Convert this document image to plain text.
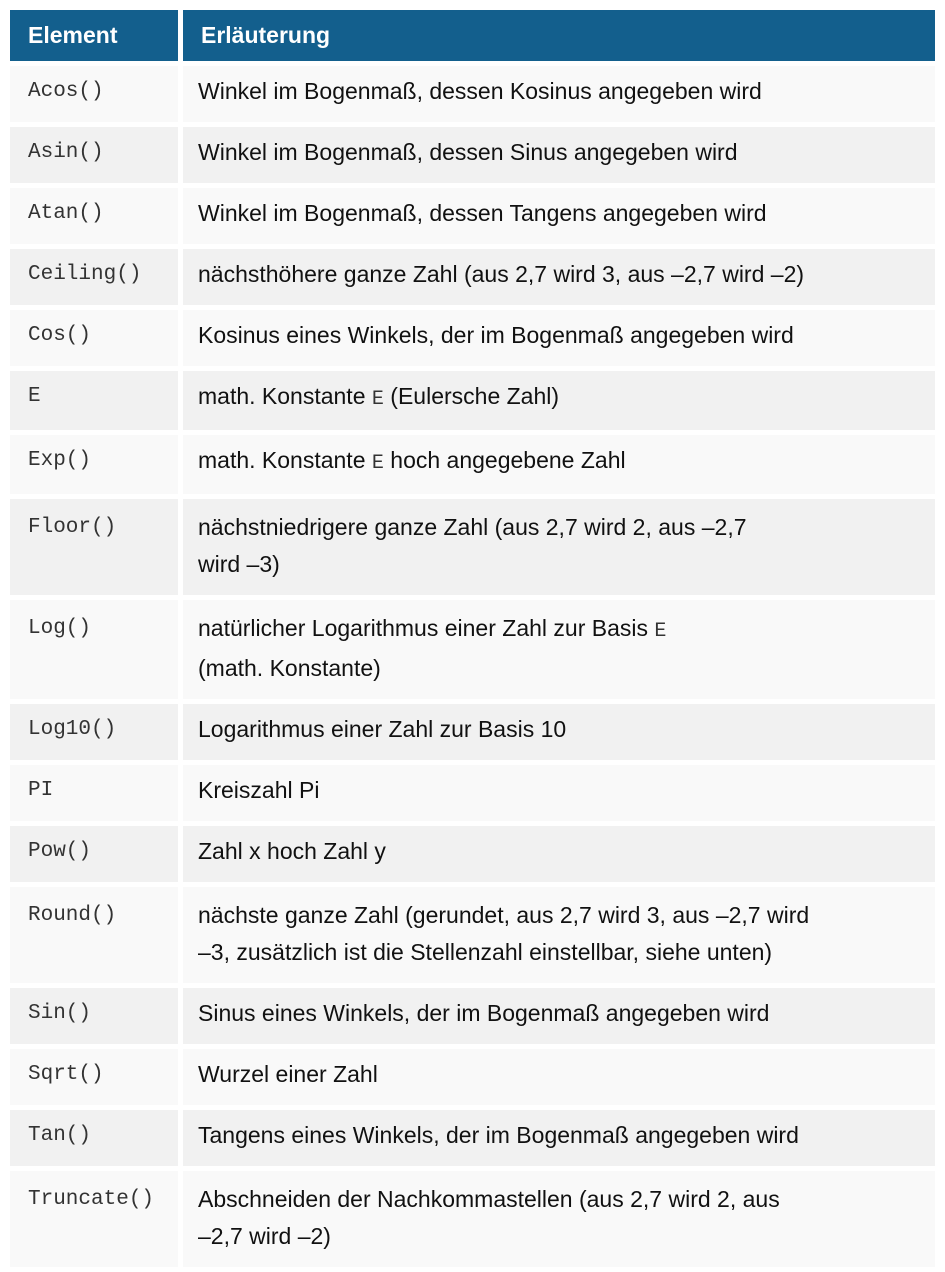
Element	Erläuterung
Acos()	Winkel im Bogenmaß, dessen Kosinus angegeben wird
Asin()	Winkel im Bogenmaß, dessen Sinus angegeben wird
Atan()	Winkel im Bogenmaß, dessen Tangens angegeben wird
Ceiling()	nächsthöhere ganze Zahl (aus 2,7 wird 3, aus –2,7 wird –2)
Cos()	Kosinus eines Winkels, der im Bogenmaß angegeben wird
E	math. Konstante E (Eulersche Zahl)
Exp()	math. Konstante E hoch angegebene Zahl
Floor()	nächstniedrigere ganze Zahl (aus 2,7 wird 2, aus –2,7
wird –3)
Log()	natürlicher Logarithmus einer Zahl zur Basis E
(math. Konstante)
Log10()	Logarithmus einer Zahl zur Basis 10
PI	Kreiszahl Pi
Pow()	Zahl x hoch Zahl y
Round()	nächste ganze Zahl (gerundet, aus 2,7 wird 3, aus –2,7 wird
–3, zusätzlich ist die Stellenzahl einstellbar, siehe unten)
Sin()	Sinus eines Winkels, der im Bogenmaß angegeben wird
Sqrt()	Wurzel einer Zahl
Tan()	Tangens eines Winkels, der im Bogenmaß angegeben wird
Truncate()	Abschneiden der Nachkommastellen (aus 2,7 wird 2, aus
–2,7 wird –2)
